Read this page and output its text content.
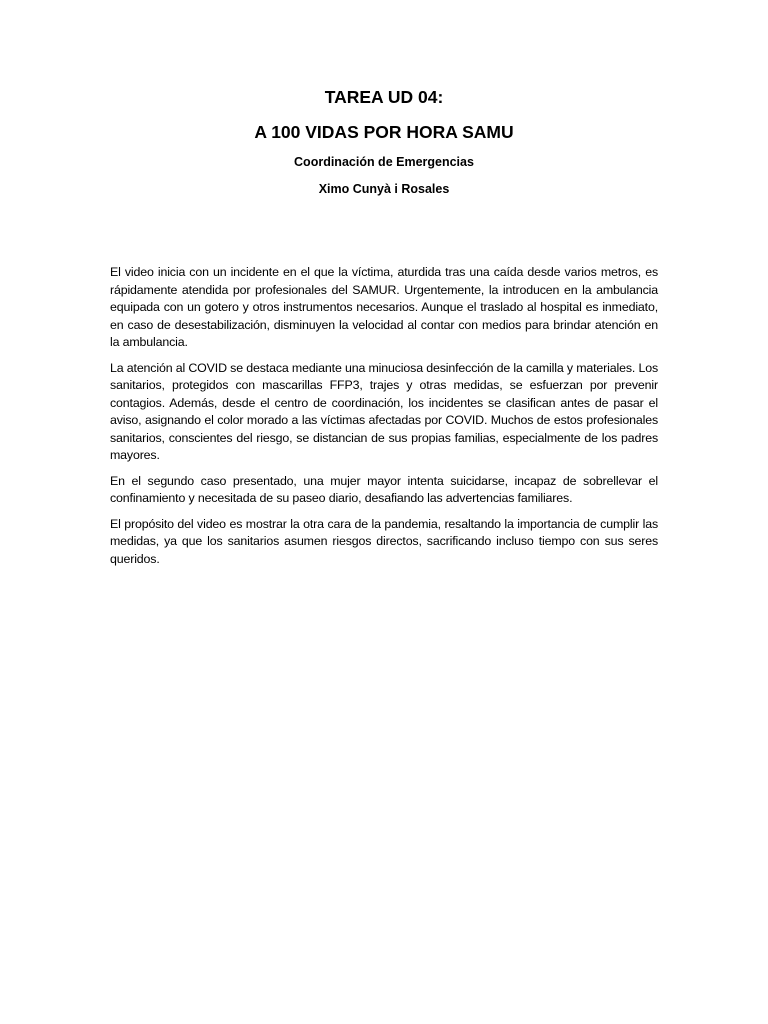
TAREA UD 04:

A 100 VIDAS POR HORA SAMU

Coordinación de Emergencias

Ximo Cunyà i Rosales

El video inicia con un incidente en el que la víctima, aturdida tras una caída desde varios metros, es rápidamente atendida por profesionales del SAMUR. Urgentemente, la introducen en la ambulancia equipada con un gotero y otros instrumentos necesarios. Aunque el traslado al hospital es inmediato, en caso de desestabilización, disminuyen la velocidad al contar con medios para brindar atención en la ambulancia.

La atención al COVID se destaca mediante una minuciosa desinfección de la camilla y materiales. Los sanitarios, protegidos con mascarillas FFP3, trajes y otras medidas, se esfuerzan por prevenir contagios. Además, desde el centro de coordinación, los incidentes se clasifican antes de pasar el aviso, asignando el color morado a las víctimas afectadas por COVID. Muchos de estos profesionales sanitarios, conscientes del riesgo, se distancian de sus propias familias, especialmente de los padres mayores.

En el segundo caso presentado, una mujer mayor intenta suicidarse, incapaz de sobrellevar el confinamiento y necesitada de su paseo diario, desafiando las advertencias familiares.

El propósito del video es mostrar la otra cara de la pandemia, resaltando la importancia de cumplir las medidas, ya que los sanitarios asumen riesgos directos, sacrificando incluso tiempo con sus seres queridos.
